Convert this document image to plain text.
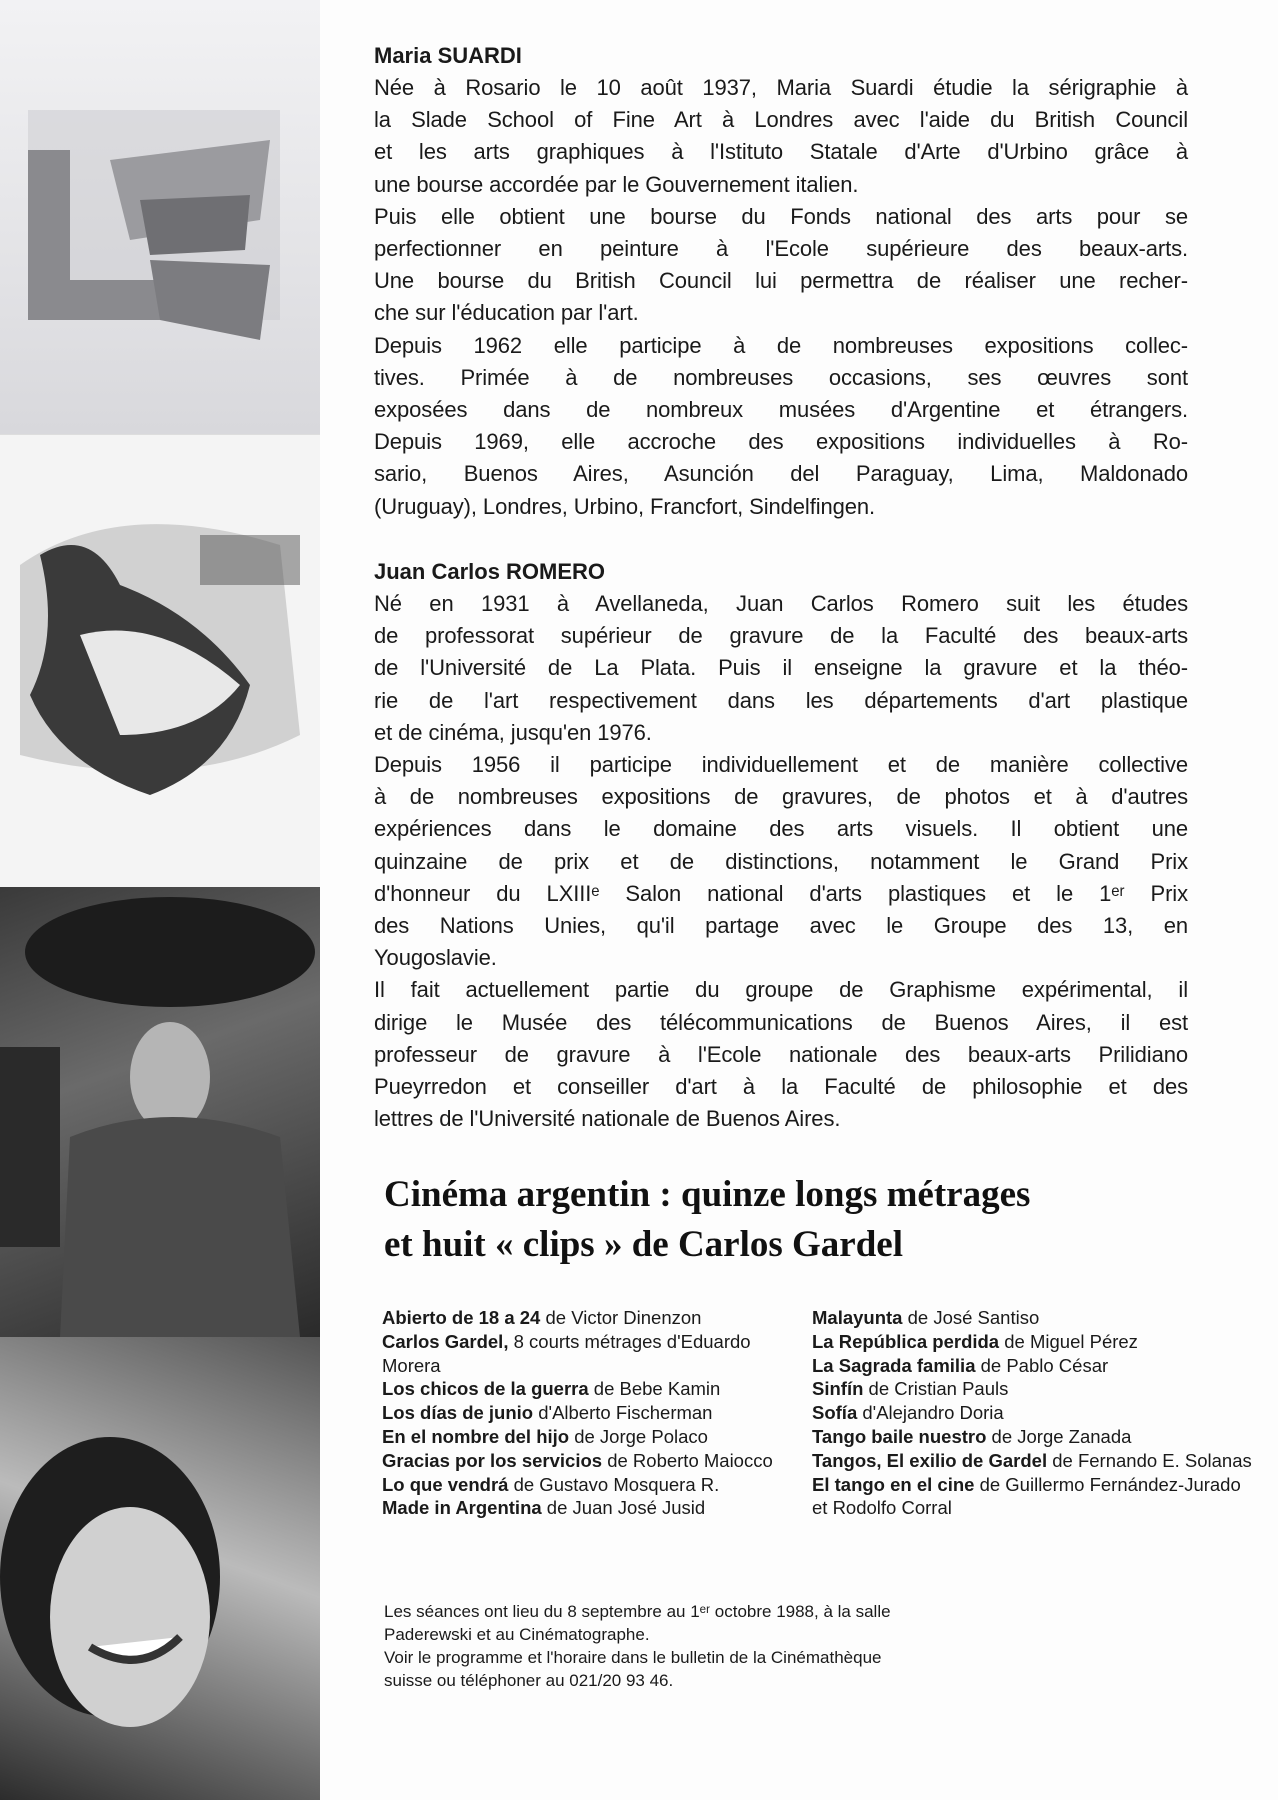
Maria SUARDI
Née à Rosario le 10 août 1937, Maria Suardi étudie la sérigraphie à
la Slade School of Fine Art à Londres avec l'aide du British Council
et les arts graphiques à l'Istituto Statale d'Arte d'Urbino grâce à
une bourse accordée par le Gouvernement italien.
Puis elle obtient une bourse du Fonds national des arts pour se
perfectionner en peinture à l'Ecole supérieure des beaux-arts.
Une bourse du British Council lui permettra de réaliser une recher-
che sur l'éducation par l'art.
Depuis 1962 elle participe à de nombreuses expositions collec-
tives. Primée à de nombreuses occasions, ses œuvres sont
exposées dans de nombreux musées d'Argentine et étrangers.
Depuis 1969, elle accroche des expositions individuelles à Ro-
sario, Buenos Aires, Asunción del Paraguay, Lima, Maldonado
(Uruguay), Londres, Urbino, Francfort, Sindelfingen.
Juan Carlos ROMERO
Né en 1931 à Avellaneda, Juan Carlos Romero suit les études
de professorat supérieur de gravure de la Faculté des beaux-arts
de l'Université de La Plata. Puis il enseigne la gravure et la théo-
rie de l'art respectivement dans les départements d'art plastique
et de cinéma, jusqu'en 1976.
Depuis 1956 il participe individuellement et de manière collective
à de nombreuses expositions de gravures, de photos et à d'autres
expériences dans le domaine des arts visuels. Il obtient une
quinzaine de prix et de distinctions, notamment le Grand Prix
d'honneur du LXIIIᵉ Salon national d'arts plastiques et le 1ᵉʳ Prix
des Nations Unies, qu'il partage avec le Groupe des 13, en
Yougoslavie.
Il fait actuellement partie du groupe de Graphisme expérimental, il
dirige le Musée des télécommunications de Buenos Aires, il est
professeur de gravure à l'Ecole nationale des beaux-arts Prilidiano
Pueyrredon et conseiller d'art à la Faculté de philosophie et des
lettres de l'Université nationale de Buenos Aires.
Cinéma argentin : quinze longs métrages
et huit « clips » de Carlos Gardel
Abierto de 18 a 24 de Victor Dinenzon
Carlos Gardel, 8 courts métrages d'Eduardo Morera
Los chicos de la guerra de Bebe Kamin
Los días de junio d'Alberto Fischerman
En el nombre del hijo de Jorge Polaco
Gracias por los servicios de Roberto Maiocco
Lo que vendrá de Gustavo Mosquera R.
Made in Argentina de Juan José Jusid
Malayunta de José Santiso
La República perdida de Miguel Pérez
La Sagrada familia de Pablo César
Sinfín de Cristian Pauls
Sofía d'Alejandro Doria
Tango baile nuestro de Jorge Zanada
Tangos, El exilio de Gardel de Fernando E. Solanas
El tango en el cine de Guillermo Fernández-Jurado et Rodolfo Corral
Les séances ont lieu du 8 septembre au 1ᵉʳ octobre 1988, à la salle
Paderewski et au Cinématographe.
Voir le programme et l'horaire dans le bulletin de la Cinémathèque
suisse ou téléphoner au 021/20 93 46.
